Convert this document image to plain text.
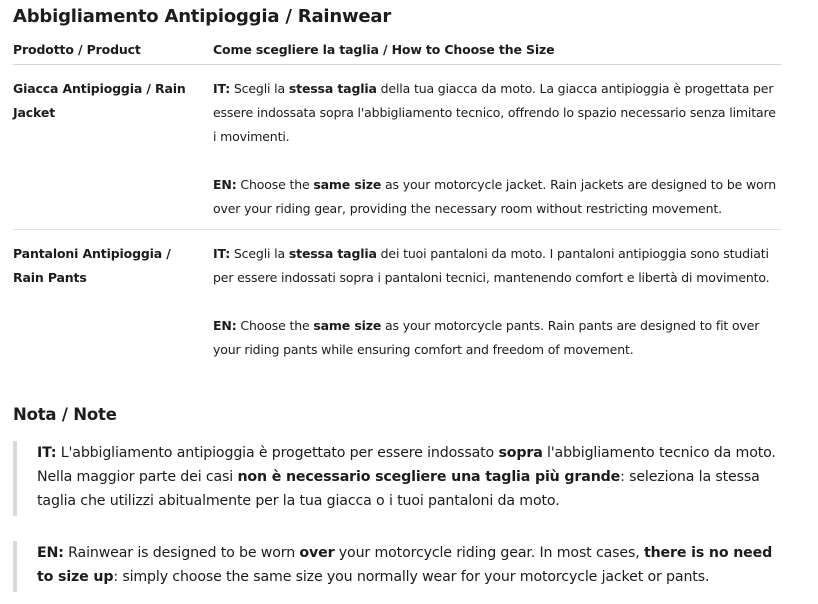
Abbigliamento Antipioggia / Rainwear
Prodotto / Product	Come scegliere la taglia / How to Choose the Size
Giacca Antipioggia / Rain Jacket

IT: Scegli la stessa taglia della tua giacca da moto. La giacca antipioggia è progettata per essere indossata sopra l'abbigliamento tecnico, offrendo lo spazio necessario senza limitare i movimenti.

EN: Choose the same size as your motorcycle jacket. Rain jackets are designed to be worn over your riding gear, providing the necessary room without restricting movement.

Pantaloni Antipioggia / Rain Pants

IT: Scegli la stessa taglia dei tuoi pantaloni da moto. I pantaloni antipioggia sono studiati per essere indossati sopra i pantaloni tecnici, mantenendo comfort e libertà di movimento.

EN: Choose the same size as your motorcycle pants. Rain pants are designed to fit over your riding pants while ensuring comfort and freedom of movement.

Nota / Note
IT: L'abbigliamento antipioggia è progettato per essere indossato sopra l'abbigliamento tecnico da moto. Nella maggior parte dei casi non è necessario scegliere una taglia più grande: seleziona la stessa taglia che utilizzi abitualmente per la tua giacca o i tuoi pantaloni da moto.
EN: Rainwear is designed to be worn over your motorcycle riding gear. In most cases, there is no need to size up: simply choose the same size you normally wear for your motorcycle jacket or pants.
